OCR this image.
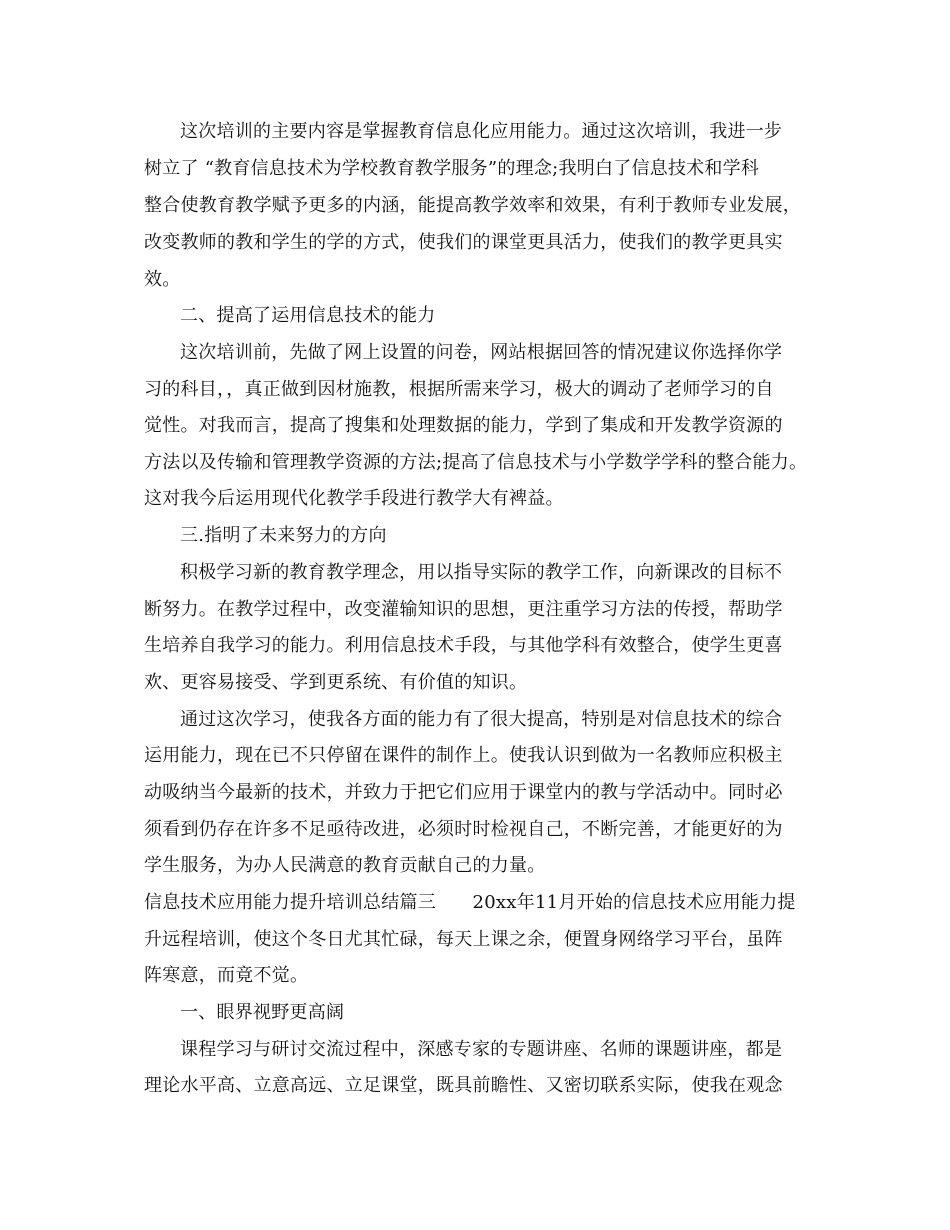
这次培训的主要内容是掌握教育信息化应用能力。通过这次培训，我进一步
树立了 “教育信息技术为学校教育教学服务”的理念;我明白了信息技术和学科
整合使教育教学赋予更多的内涵，能提高教学效率和效果，有利于教师专业发展，
改变教师的教和学生的学的方式，使我们的课堂更具活力，使我们的教学更具实
效。
二、提高了运用信息技术的能力
这次培训前，先做了网上设置的问卷，网站根据回答的情况建议你选择你学
习的科目，，真正做到因材施教，根据所需来学习，极大的调动了老师学习的自
觉性。对我而言，提高了搜集和处理数据的能力，学到了集成和开发教学资源的
方法以及传输和管理教学资源的方法;提高了信息技术与小学数学学科的整合能力。
这对我今后运用现代化教学手段进行教学大有裨益。
三.指明了未来努力的方向
积极学习新的教育教学理念，用以指导实际的教学工作，向新课改的目标不
断努力。在教学过程中，改变灌输知识的思想，更注重学习方法的传授，帮助学
生培养自我学习的能力。利用信息技术手段，与其他学科有效整合，使学生更喜
欢、更容易接受、学到更系统、有价值的知识。
通过这次学习，使我各方面的能力有了很大提高，特别是对信息技术的综合
运用能力，现在已不只停留在课件的制作上。使我认识到做为一名教师应积极主
动吸纳当今最新的技术，并致力于把它们应用于课堂内的教与学活动中。同时必
须看到仍存在许多不足亟待改进，必须时时检视自己，不断完善，才能更好的为
学生服务，为办人民满意的教育贡献自己的力量。
信息技术应用能力提升培训总结篇三　　20xx年11月开始的信息技术应用能力提
升远程培训，使这个冬日尤其忙碌，每天上课之余，便置身网络学习平台，虽阵
阵寒意，而竟不觉。
一、眼界视野更高阔
课程学习与研讨交流过程中，深感专家的专题讲座、名师的课题讲座，都是
理论水平高、立意高远、立足课堂，既具前瞻性、又密切联系实际，使我在观念
